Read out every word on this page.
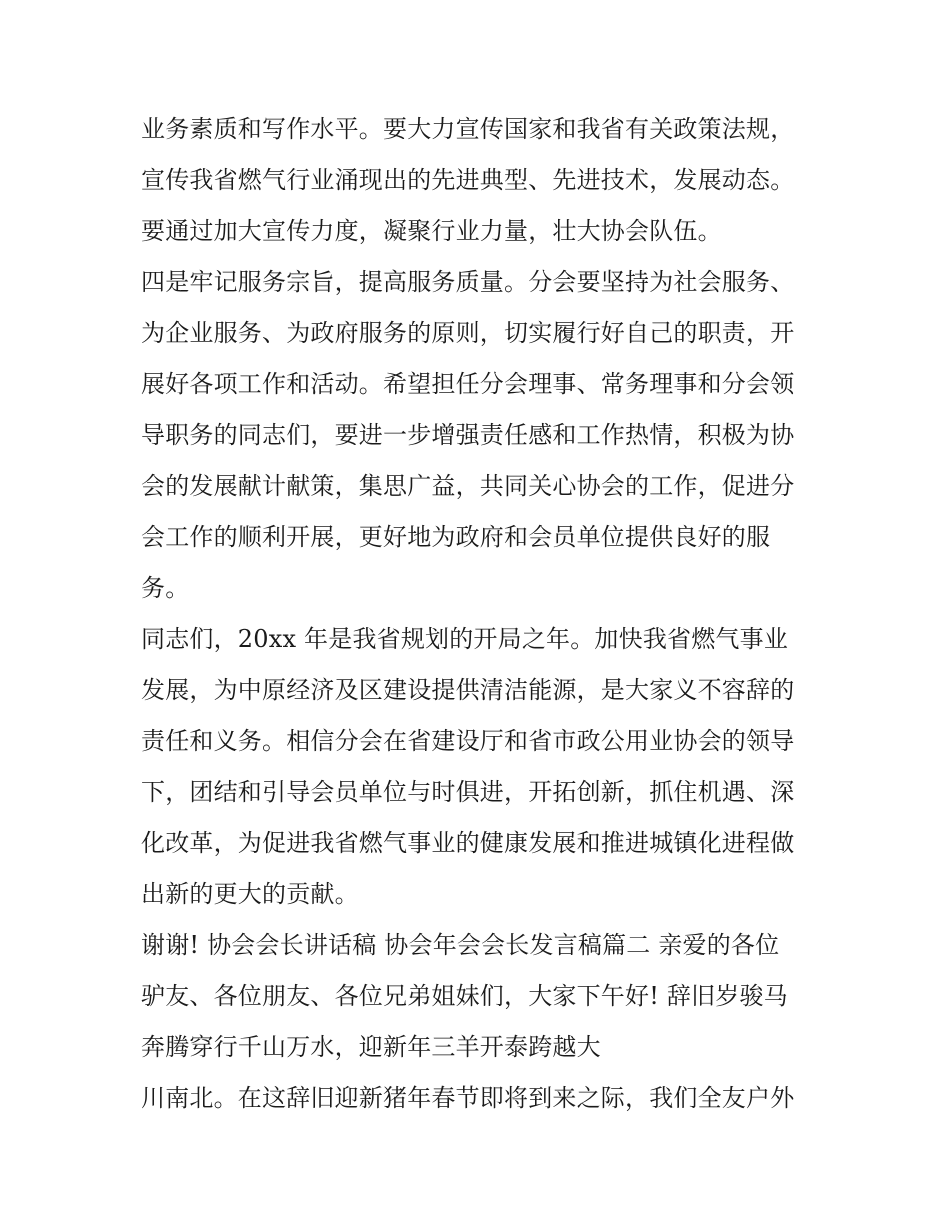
业务素质和写作水平。要大力宣传国家和我省有关政策法规，
宣传我省燃气行业涌现出的先进典型、先进技术，发展动态。
要通过加大宣传力度，凝聚行业力量，壮大协会队伍。
四是牢记服务宗旨，提高服务质量。分会要坚持为社会服务、
为企业服务、为政府服务的原则，切实履行好自己的职责，开
展好各项工作和活动。希望担任分会理事、常务理事和分会领
导职务的同志们，要进一步增强责任感和工作热情，积极为协
会的发展献计献策，集思广益，共同关心协会的工作，促进分
会工作的顺利开展，更好地为政府和会员单位提供良好的服
务。
同志们，20xx 年是我省规划的开局之年。加快我省燃气事业
发展，为中原经济及区建设提供清洁能源，是大家义不容辞的
责任和义务。相信分会在省建设厅和省市政公用业协会的领导
下，团结和引导会员单位与时俱进，开拓创新，抓住机遇、深
化改革，为促进我省燃气事业的健康发展和推进城镇化进程做
出新的更大的贡献。
谢谢! 协会会长讲话稿 协会年会会长发言稿篇二 亲爱的各位
驴友、各位朋友、各位兄弟姐妹们，大家下午好! 辞旧岁骏马
奔腾穿行千山万水，迎新年三羊开泰跨越大
川南北。在这辞旧迎新猪年春节即将到来之际，我们全友户外
